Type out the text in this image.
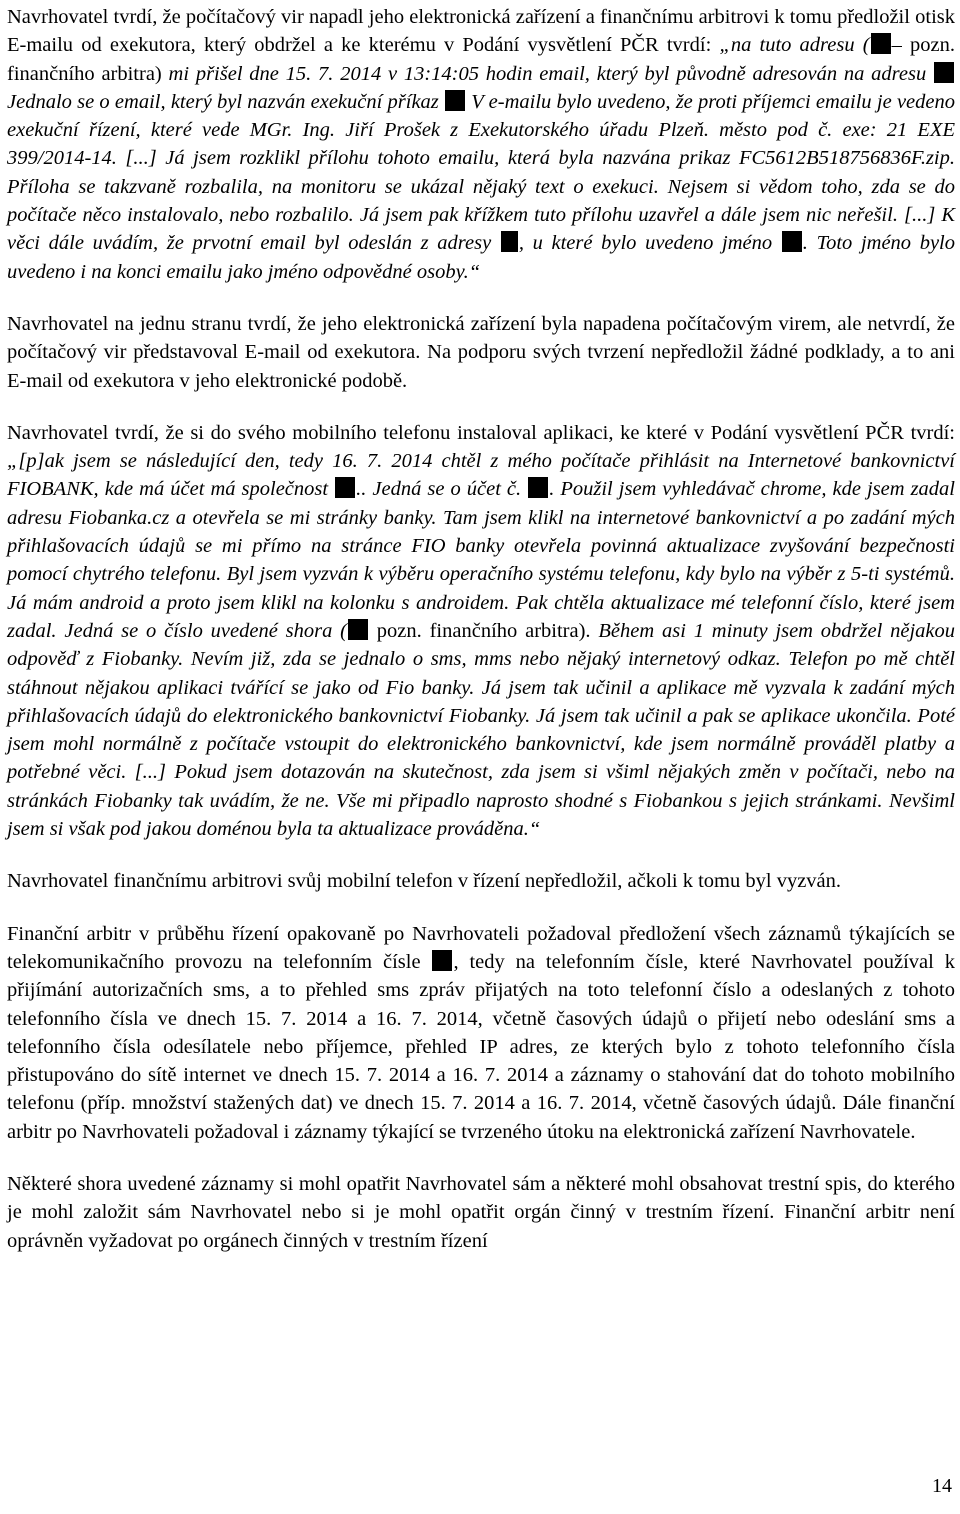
Navrhovatel tvrdí, že počítačový vir napadl jeho elektronická zařízení a finančnímu arbitrovi k tomu předložil otisk E-mailu od exekutora, který obdržel a ke kterému v Podání vysvětlení PČR tvrdí: „na tuto adresu ( – pozn. finančního arbitra) mi přišel dne 15. 7. 2014 v 13:14:05 hodin email, který byl původně adresován na adresu  Jednalo se o email, který byl nazván exekuční příkaz  V e-mailu bylo uvedeno, že proti příjemci emailu je vedeno exekuční řízení, které vede MGr. Ing. Jiří Prošek z Exekutorského úřadu Plzeň. město pod č. exe: 21 EXE 399/2014-14. [...] Já jsem rozklikl přílohu tohoto emailu, která byla nazvána prikaz FC5612B518756836F.zip. Příloha se takzvaně rozbalila, na monitoru se ukázal nějaký text o exekuci. Nejsem si vědom toho, zda se do počítače něco instalovalo, nebo rozbalilo. Já jsem pak křížkem tuto přílohu uzavřel a dále jsem nic neřešil. [...] K věci dále uvádím, že prvotní email byl odeslán z adresy , u které bylo uvedeno jméno . Toto jméno bylo uvedeno i na konci emailu jako jméno odpovědné osoby.“

Navrhovatel na jednu stranu tvrdí, že jeho elektronická zařízení byla napadena počítačovým virem, ale netvrdí, že počítačový vir představoval E-mail od exekutora. Na podporu svých tvrzení nepředložil žádné podklady, a to ani E-mail od exekutora v jeho elektronické podobě.

Navrhovatel tvrdí, že si do svého mobilního telefonu instaloval aplikaci, ke které v Podání vysvětlení PČR tvrdí: „[p]ak jsem se následující den, tedy 16. 7. 2014 chtěl z mého počítače přihlásit na Internetové bankovnictví FIOBANK, kde má účet má společnost .. Jedná se o účet č. . Použil jsem vyhledávač chrome, kde jsem zadal adresu Fiobanka.cz a otevřela se mi stránky banky. Tam jsem klikl na internetové bankovnictví a po zadání mých přihlašovacích údajů se mi přímo na stránce FIO banky otevřela povinná aktualizace zvyšování bezpečnosti pomocí chytrého telefonu. Byl jsem vyzván k výběru operačního systému telefonu, kdy bylo na výběr z 5-ti systémů. Já mám android a proto jsem klikl na kolonku s androidem. Pak chtěla aktualizace mé telefonní číslo, které jsem zadal. Jedná se o číslo uvedené shora ( pozn. finančního arbitra). Během asi 1 minuty jsem obdržel nějakou odpověď z Fiobanky. Nevím již, zda se jednalo o sms, mms nebo nějaký internetový odkaz. Telefon po mě chtěl stáhnout nějakou aplikaci tvářící se jako od Fio banky. Já jsem tak učinil a aplikace mě vyzvala k zadání mých přihlašovacích údajů do elektronického bankovnictví Fiobanky. Já jsem tak učinil a pak se aplikace ukončila. Poté jsem mohl normálně z počítače vstoupit do elektronického bankovnictví, kde jsem normálně prováděl platby a potřebné věci. [...] Pokud jsem dotazován na skutečnost, zda jsem si všiml nějakých změn v počítači, nebo na stránkách Fiobanky tak uvádím, že ne. Vše mi připadlo naprosto shodné s Fiobankou s jejich stránkami. Nevšiml jsem si však pod jakou doménou byla ta aktualizace prováděna.“

Navrhovatel finančnímu arbitrovi svůj mobilní telefon v řízení nepředložil, ačkoli k tomu byl vyzván.

Finanční arbitr v průběhu řízení opakovaně po Navrhovateli požadoval předložení všech záznamů týkajících se telekomunikačního provozu na telefonním čísle , tedy na telefonním čísle, které Navrhovatel používal k přijímání autorizačních sms, a to přehled sms zpráv přijatých na toto telefonní číslo a odeslaných z tohoto telefonního čísla ve dnech 15. 7. 2014 a 16. 7. 2014, včetně časových údajů o přijetí nebo odeslání sms a telefonního čísla odesílatele nebo příjemce, přehled IP adres, ze kterých bylo z tohoto telefonního čísla přistupováno do sítě internet ve dnech 15. 7. 2014 a 16. 7. 2014 a záznamy o stahování dat do tohoto mobilního telefonu (příp. množství stažených dat) ve dnech 15. 7. 2014 a 16. 7. 2014, včetně časových údajů. Dále finanční arbitr po Navrhovateli požadoval i záznamy týkající se tvrzeného útoku na elektronická zařízení Navrhovatele.

Některé shora uvedené záznamy si mohl opatřit Navrhovatel sám a některé mohl obsahovat trestní spis, do kterého je mohl založit sám Navrhovatel nebo si je mohl opatřit orgán činný v trestním řízení. Finanční arbitr není oprávněn vyžadovat po orgánech činných v trestním řízení

14
